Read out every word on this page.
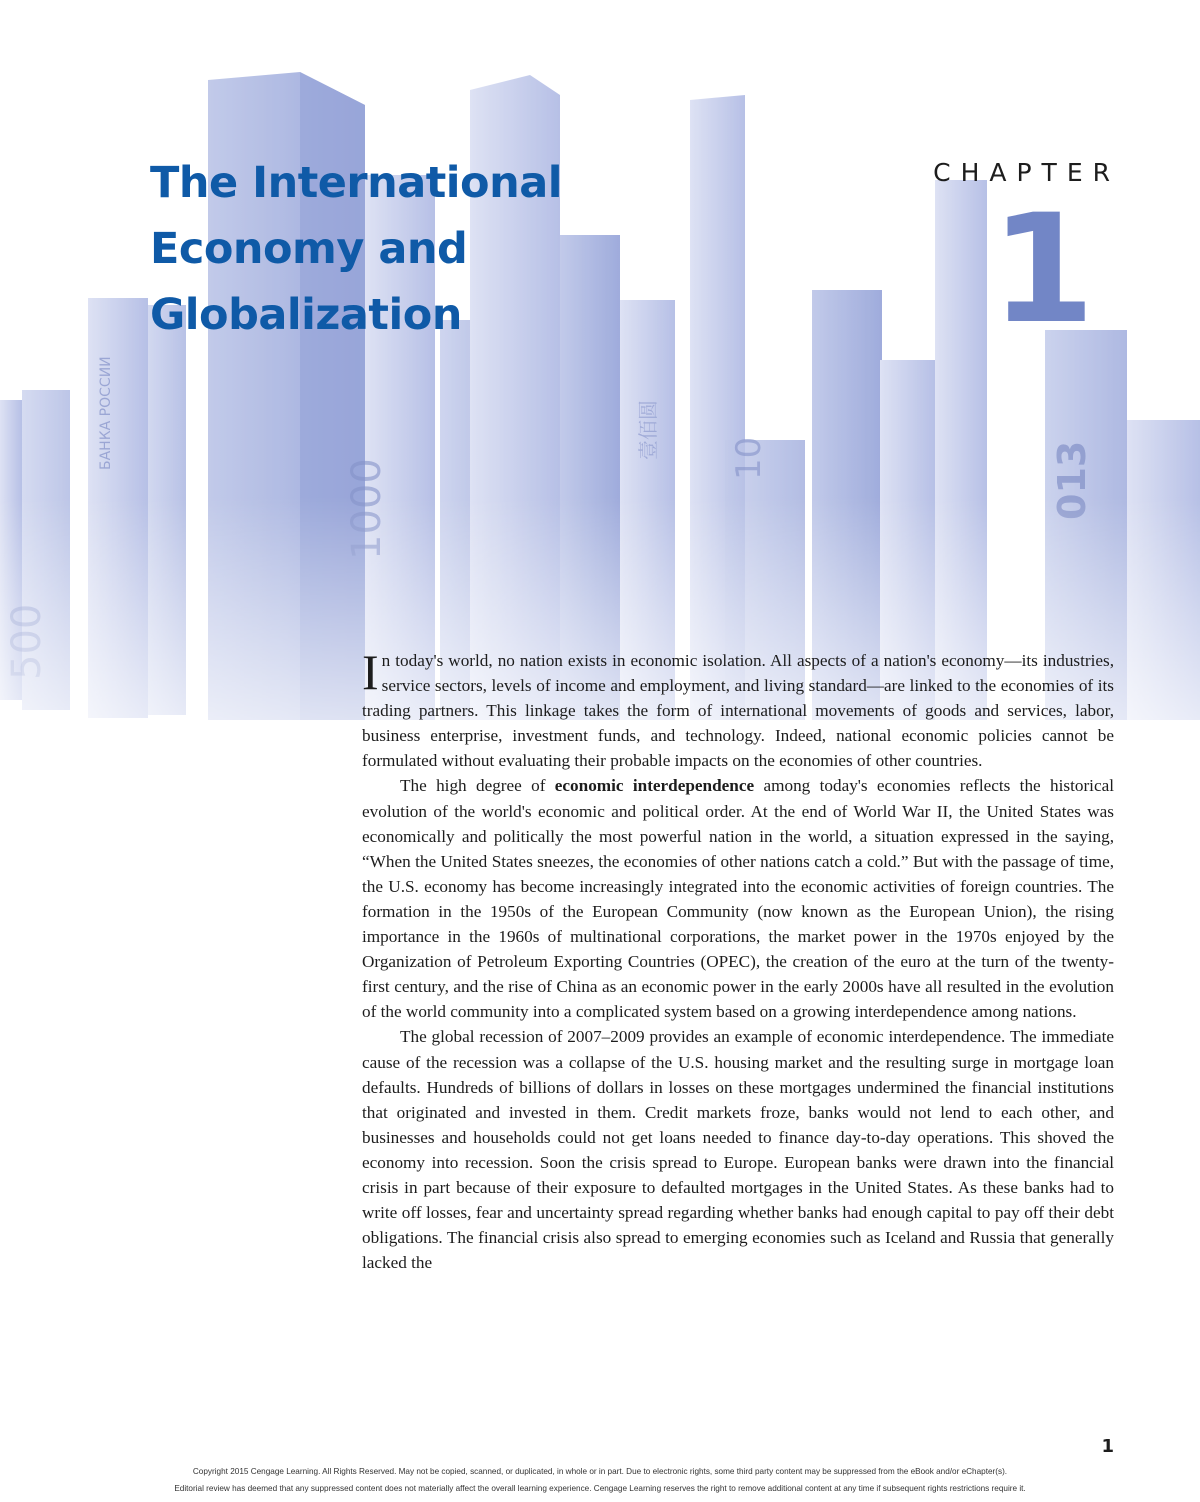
The International
Economy and
Globalization
CHAPTER
1

In today's world, no nation exists in economic isolation. All aspects of a nation's economy—its industries, service sectors, levels of income and employment, and living standard—are linked to the economies of its trading partners. This linkage takes the form of international movements of goods and services, labor, business enterprise, investment funds, and technology. Indeed, national economic policies cannot be formulated without evaluating their probable impacts on the economies of other countries.

The high degree of economic interdependence among today's economies reflects the historical evolution of the world's economic and political order. At the end of World War II, the United States was economically and politically the most powerful nation in the world, a situation expressed in the saying, “When the United States sneezes, the economies of other nations catch a cold.” But with the passage of time, the U.S. economy has become increasingly integrated into the economic activities of foreign countries. The formation in the 1950s of the European Community (now known as the European Union), the rising importance in the 1960s of multinational corporations, the market power in the 1970s enjoyed by the Organization of Petroleum Exporting Countries (OPEC), the creation of the euro at the turn of the twenty-first century, and the rise of China as an economic power in the early 2000s have all resulted in the evolution of the world community into a complicated system based on a growing interdependence among nations.

The global recession of 2007–2009 provides an example of economic interdependence. The immediate cause of the recession was a collapse of the U.S. housing market and the resulting surge in mortgage loan defaults. Hundreds of billions of dollars in losses on these mortgages undermined the financial institutions that originated and invested in them. Credit markets froze, banks would not lend to each other, and businesses and households could not get loans needed to finance day-to-day operations. This shoved the economy into recession. Soon the crisis spread to Europe. European banks were drawn into the financial crisis in part because of their exposure to defaulted mortgages in the United States. As these banks had to write off losses, fear and uncertainty spread regarding whether banks had enough capital to pay off their debt obligations. The financial crisis also spread to emerging economies such as Iceland and Russia that generally lacked the

1
Copyright 2015 Cengage Learning. All Rights Reserved. May not be copied, scanned, or duplicated, in whole or in part. Due to electronic rights, some third party content may be suppressed from the eBook and/or eChapter(s).
Editorial review has deemed that any suppressed content does not materially affect the overall learning experience. Cengage Learning reserves the right to remove additional content at any time if subsequent rights restrictions require it.
